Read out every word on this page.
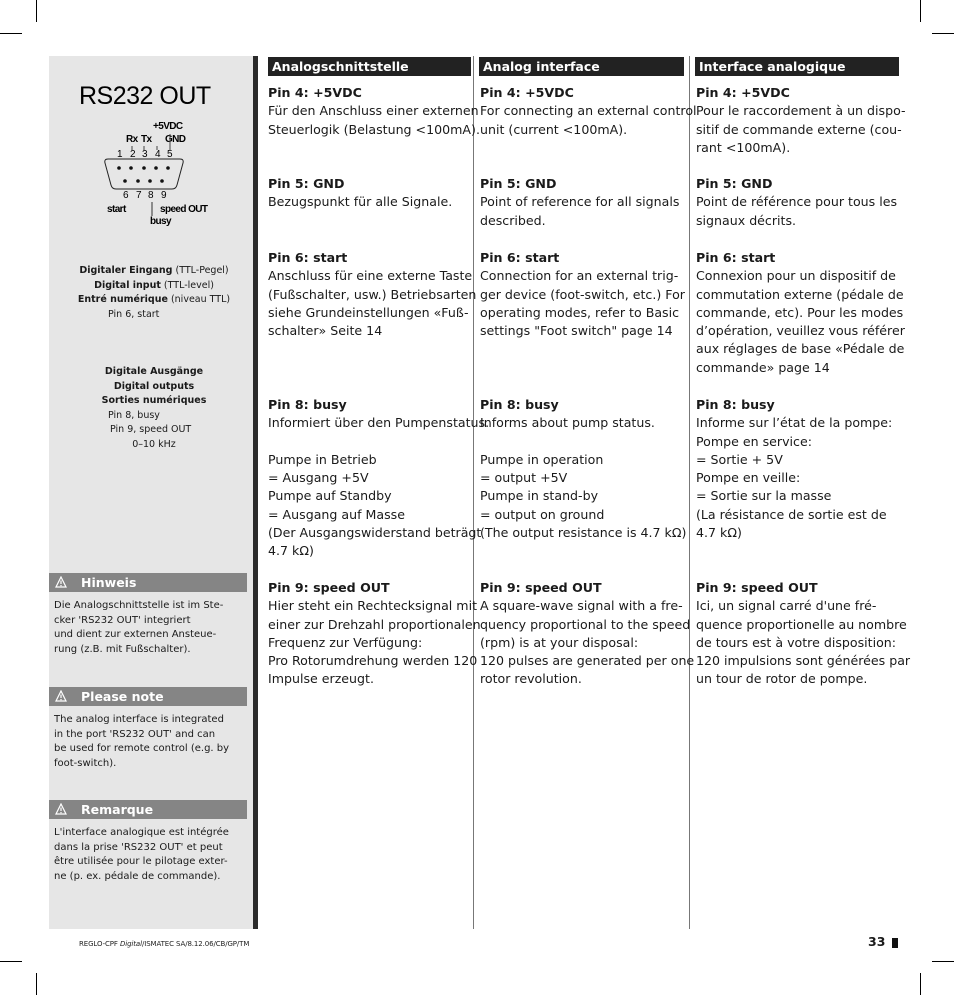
RS232 OUT
+5VDC
Rx Tx GND
1 2 3 4 5
6 7 8 9
start	speed OUT
busy
Digitaler Eingang (TTL-Pegel)
Digital input (TTL-level)
Entré numérique (niveau TTL)
Pin 6, start
Digitale Ausgänge
Digital outputs
Sorties numériques
Pin 8, busy
Pin 9, speed OUT
0–10 kHz
Hinweis
Die Analogschnittstelle ist im Ste-
cker 'RS232 OUT' integriert
und dient zur externen Ansteue-
rung (z.B. mit Fußschalter).
Please note
The analog interface is integrated
in the port 'RS232 OUT' and can
be used for remote control (e.g. by
foot-switch).
Remarque
L'interface analogique est intégrée
dans la prise 'RS232 OUT' et peut
être utilisée pour le pilotage exter-
ne (p. ex. pédale de commande).
Analogschnittstelle	Analog interface	Interface analogique
Pin 4: +5VDC
Für den Anschluss einer externen
Steuerlogik (Belastung <100mA).
Pin 5: GND
Bezugspunkt für alle Signale.
Pin 6: start
Anschluss für eine externe Taste
(Fußschalter, usw.) Betriebsarten
siehe Grundeinstellungen «Fuß-
schalter» Seite 14
Pin 8: busy
Informiert über den Pumpenstatus.

Pumpe in Betrieb
= Ausgang +5V
Pumpe auf Standby
= Ausgang auf Masse
(Der Ausgangswiderstand beträgt
4.7 kΩ)
Pin 9: speed OUT
Hier steht ein Rechtecksignal mit
einer zur Drehzahl proportionalen
Frequenz zur Verfügung:
Pro Rotorumdrehung werden 120
Impulse erzeugt.
Pin 4: +5VDC
For connecting an external control
unit (current <100mA).
Pin 5: GND
Point of reference for all signals
described.
Pin 6: start
Connection for an external trig-
ger device (foot-switch, etc.) For
operating modes, refer to Basic
settings "Foot switch" page 14
Pin 8: busy
Informs about pump status.

Pumpe in operation
= output +5V
Pumpe in stand-by
= output on ground
(The output resistance is 4.7 kΩ)
Pin 9: speed OUT
A square-wave signal with a fre-
quency proportional to the speed
(rpm) is at your disposal:
120 pulses are generated per one
rotor revolution.
Pin 4: +5VDC
Pour le raccordement à un dispo-
sitif de commande externe (cou-
rant <100mA).
Pin 5: GND
Point de référence pour tous les
signaux décrits.
Pin 6: start
Connexion pour un dispositif de
commutation externe (pédale de
commande, etc). Pour les modes
d’opération, veuillez vous référer
aux réglages de base «Pédale de
commande» page 14
Pin 8: busy
Informe sur l’état de la pompe:
Pompe en service:
= Sortie + 5V
Pompe en veille:
= Sortie sur la masse
(La résistance de sortie est de
4.7 kΩ)
Pin 9: speed OUT
Ici, un signal carré d'une fré-
quence proportionelle au nombre
de tours est à votre disposition:
120 impulsions sont générées par
un tour de rotor de pompe.
REGLO-CPF Digital/ISMATEC SA/8.12.06/CB/GP/TM	33
